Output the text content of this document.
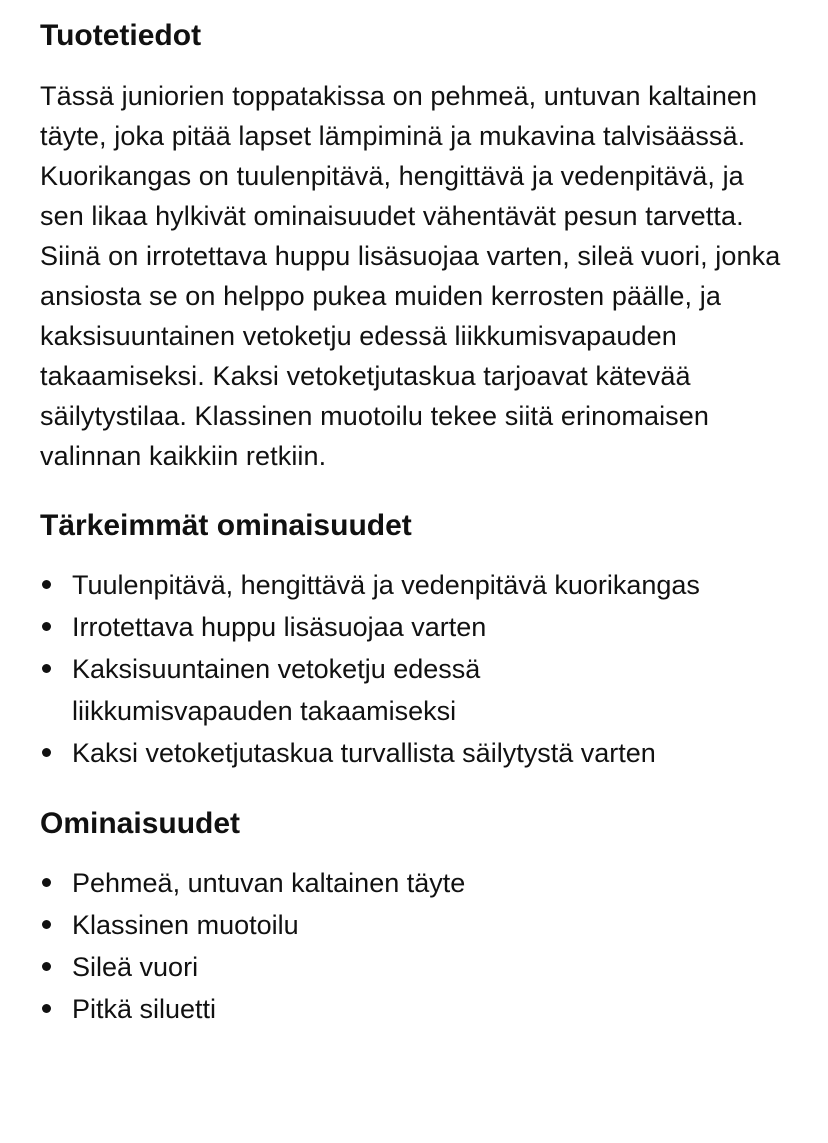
Tuotetiedot

Tässä juniorien toppatakissa on pehmeä, untuvan kaltainen täyte, joka pitää lapset lämpiminä ja mukavina talvisäässä. Kuorikangas on tuulenpitävä, hengittävä ja vedenpitävä, ja sen likaa hylkivät ominaisuudet vähentävät pesun tarvetta. Siinä on irrotettava huppu lisäsuojaa varten, sileä vuori, jonka ansiosta se on helppo pukea muiden kerrosten päälle, ja kaksisuuntainen vetoketju edessä liikkumisvapauden takaamiseksi. Kaksi vetoketjutaskua tarjoavat kätevää säilytystilaa. Klassinen muotoilu tekee siitä erinomaisen valinnan kaikkiin retkiin.

Tärkeimmät ominaisuudet
Tuulenpitävä, hengittävä ja vedenpitävä kuorikangas
Irrotettava huppu lisäsuojaa varten
Kaksisuuntainen vetoketju edessä liikkumisvapauden takaamiseksi
Kaksi vetoketjutaskua turvallista säilytystä varten
Ominaisuudet
Pehmeä, untuvan kaltainen täyte
Klassinen muotoilu
Sileä vuori
Pitkä siluetti
